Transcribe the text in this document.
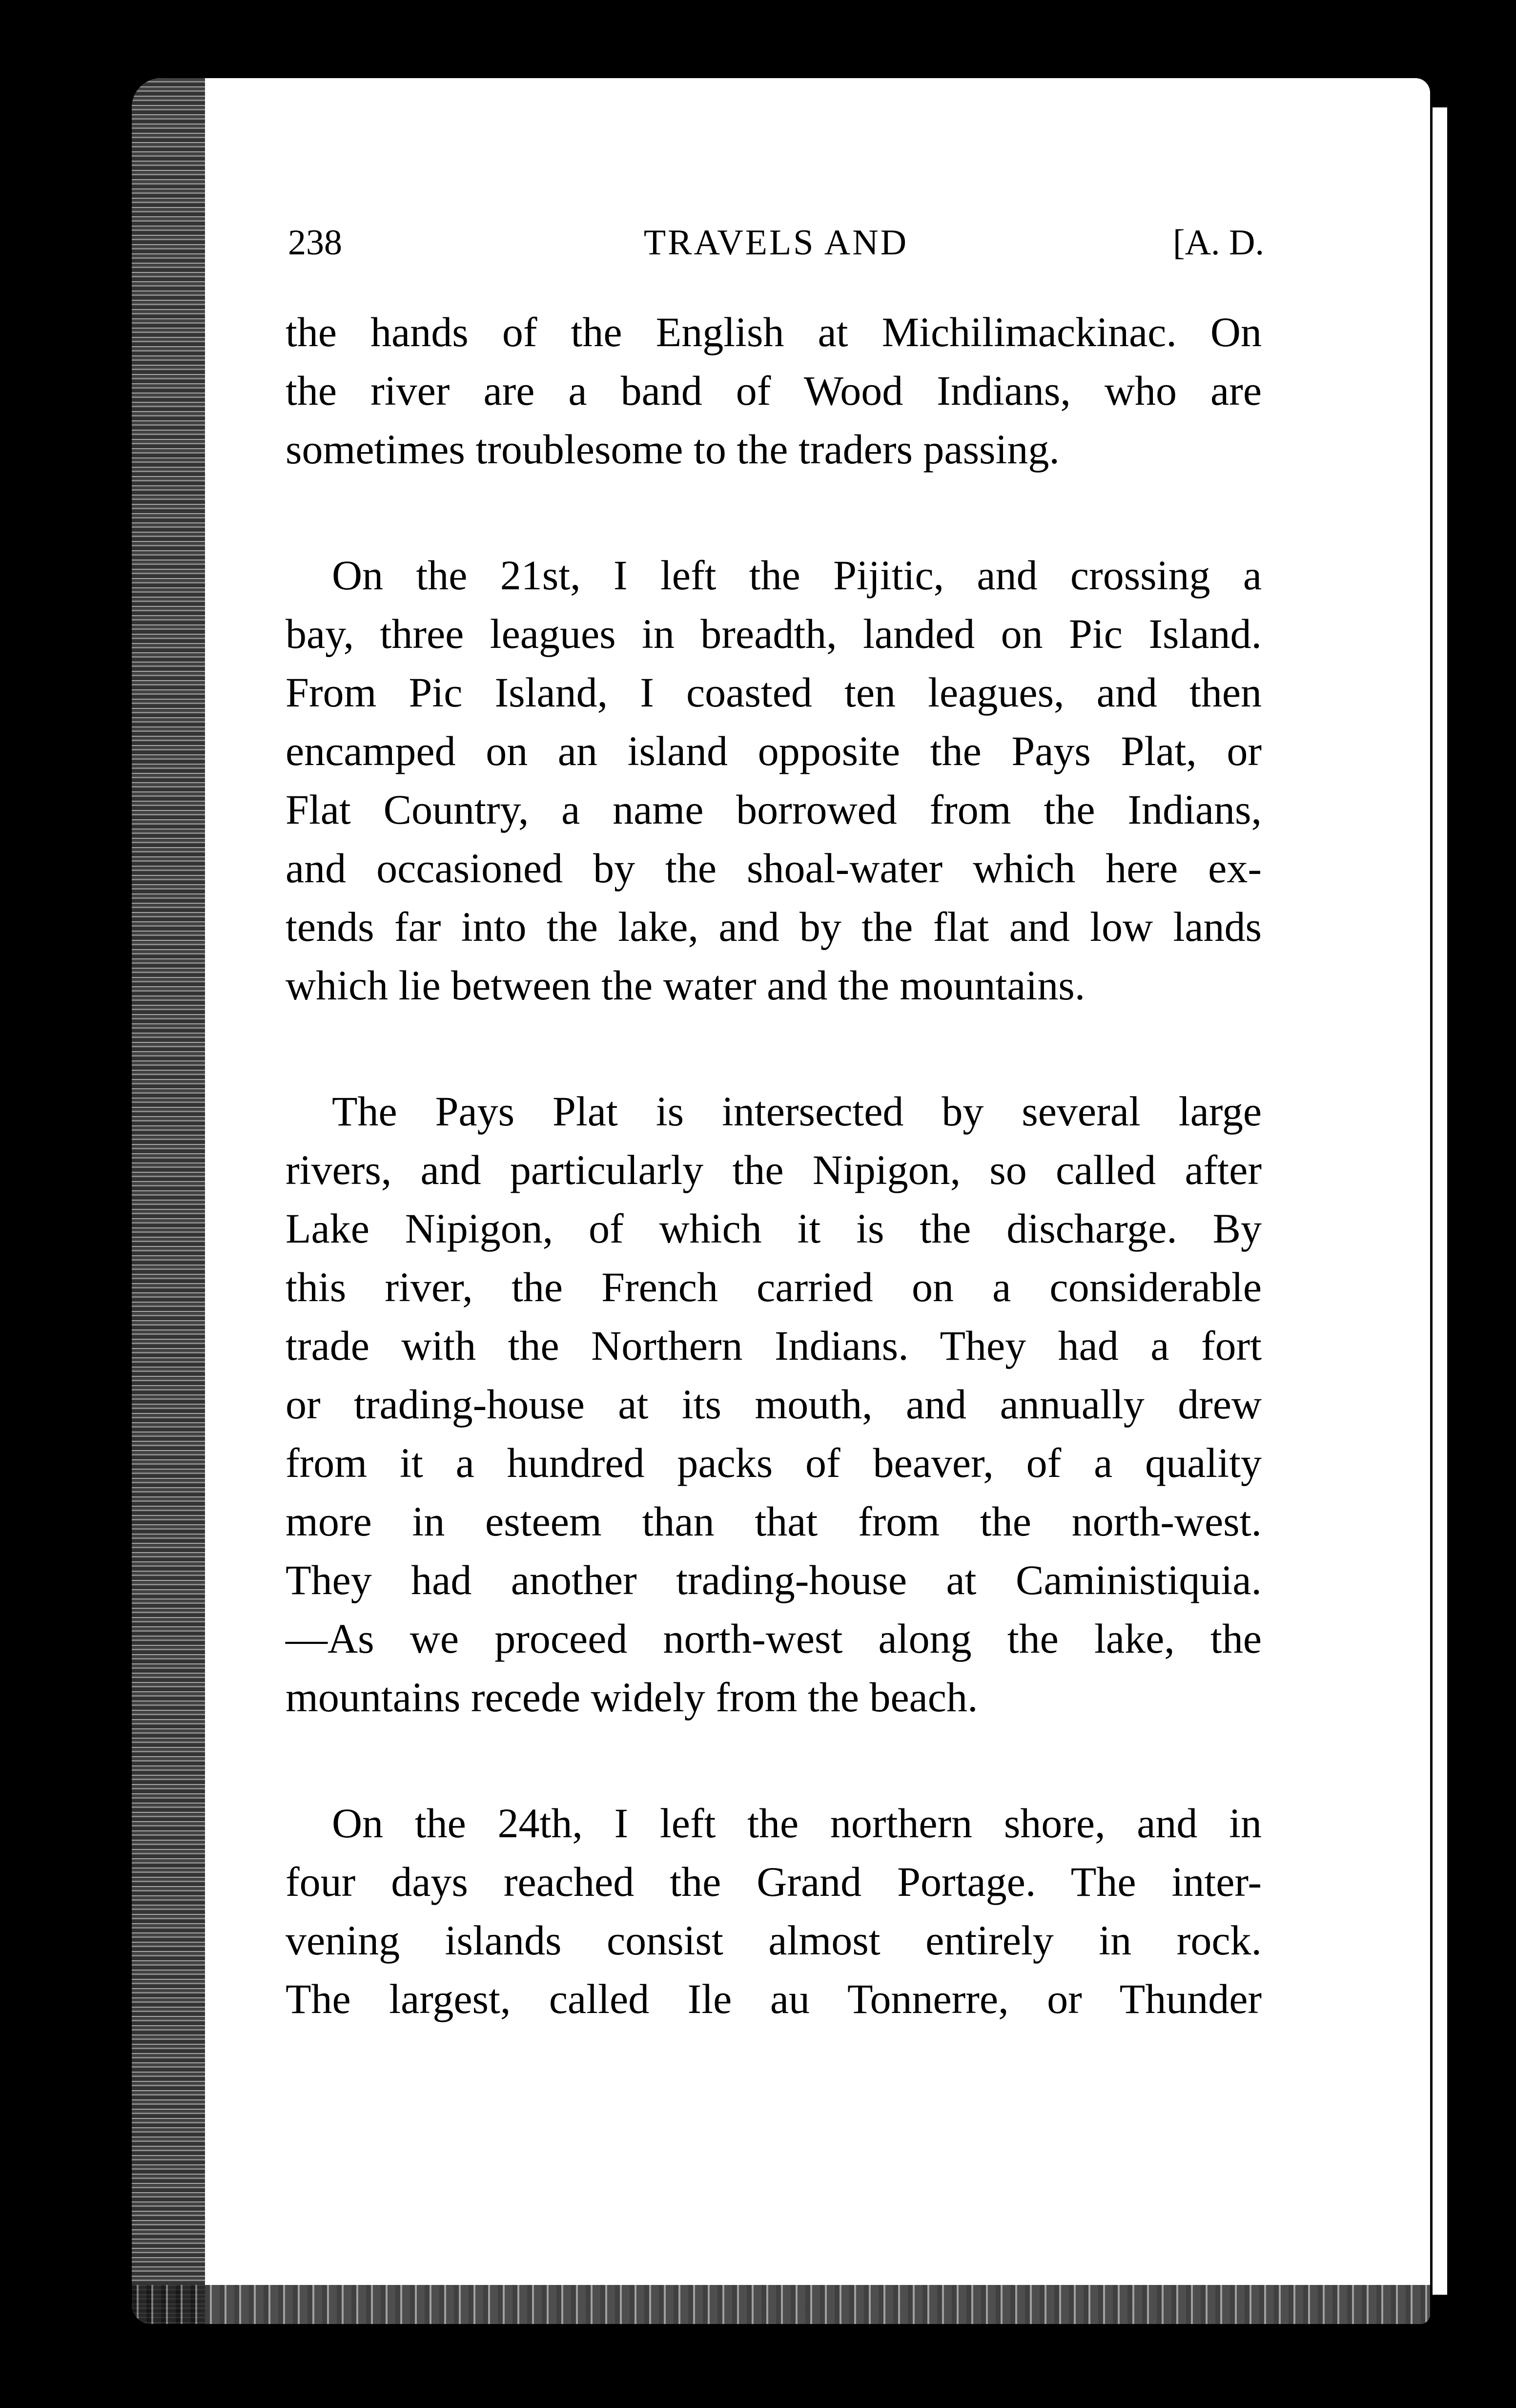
238	TRAVELS AND	[A. D.
the hands of the English at Michilimackinac. On
the river are a band of Wood Indians, who are
sometimes troublesome to the traders passing.
On the 21st, I left the Pijitic, and crossing a
bay, three leagues in breadth, landed on Pic Island.
From Pic Island, I coasted ten leagues, and then
encamped on an island opposite the Pays Plat, or
Flat Country, a name borrowed from the Indians,
and occasioned by the shoal-water which here ex-
tends far into the lake, and by the flat and low lands
which lie between the water and the mountains.
The Pays Plat is intersected by several large
rivers, and particularly the Nipigon, so called after
Lake Nipigon, of which it is the discharge. By
this river, the French carried on a considerable
trade with the Northern Indians. They had a fort
or trading-house at its mouth, and annually drew
from it a hundred packs of beaver, of a quality
more in esteem than that from the north-west.
They had another trading-house at Caministiquia.
—As we proceed north-west along the lake, the
mountains recede widely from the beach.
On the 24th, I left the northern shore, and in
four days reached the Grand Portage. The inter-
vening islands consist almost entirely in rock.
The largest, called Ile au Tonnerre, or Thunder
